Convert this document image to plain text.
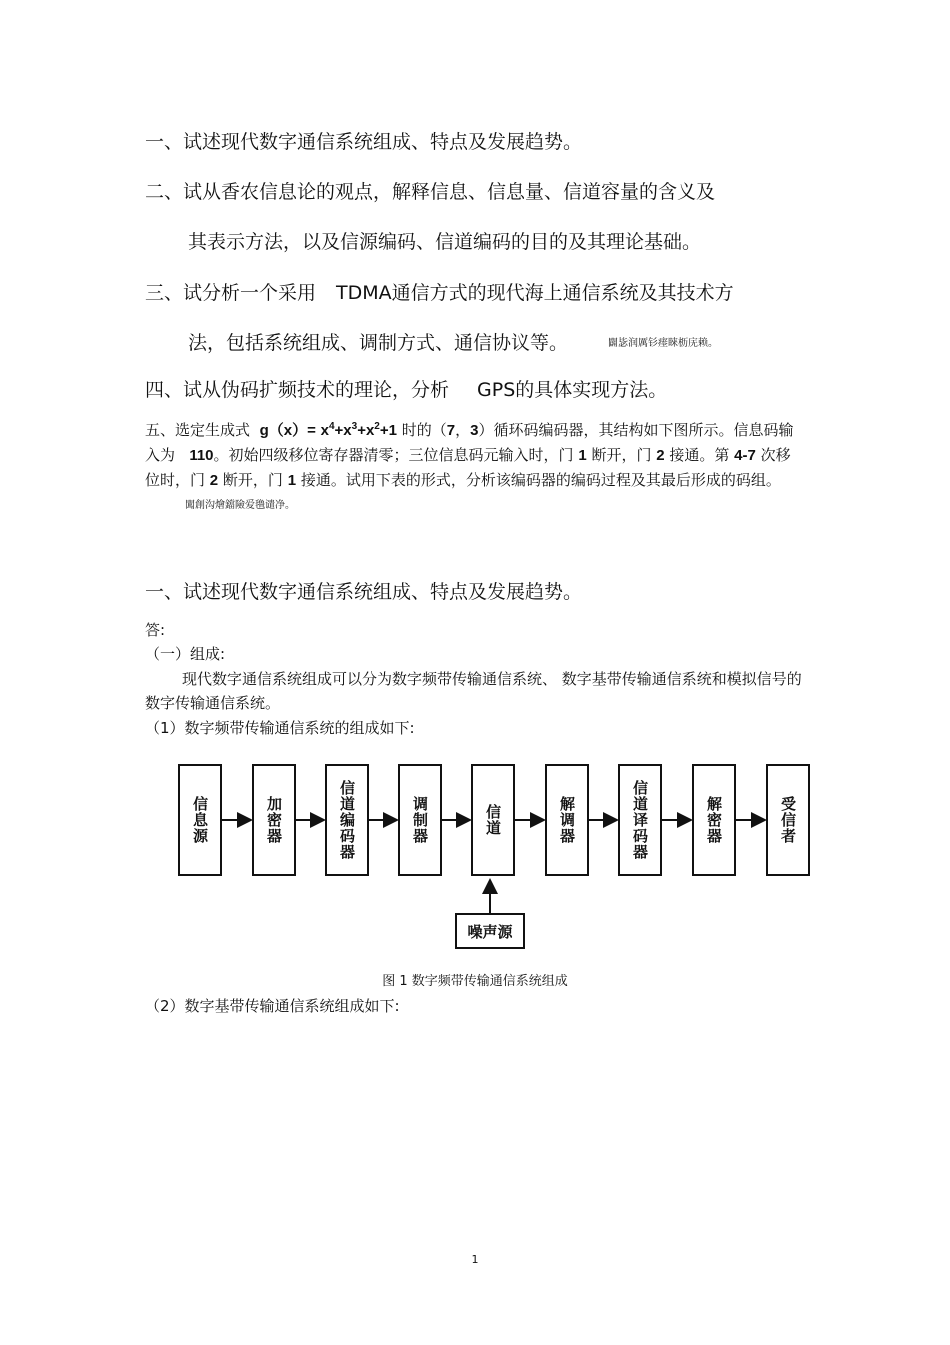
一、试述现代数字通信系统组成、特点及发展趋势。
二、试从香农信息论的观点，解释信息、信息量、信道容量的含义及
其表示方法，以及信源编码、信道编码的目的及其理论基础。
三、试分析一个采用 TDMA通信方式的现代海上通信系统及其技术方
法，包括系统组成、调制方式、通信协议等。	闢毖润厲钐瘗睞枥庑赖。
四、试从伪码扩频技术的理论，分析 GPS的具体实现方法。
五、选定生成式 $g(x)= x^4+x^3+x^2+1$ 时的（7，3）循环码编码器，其结构如下图所示。信息码输入为 110。初始四级移位寄存器清零；三位信息码元输入时，门 1 断开，门 2 接通。第 4-7 次移位时，门 2 断开，门 1 接通。试用下表的形式，分析该编码器的编码过程及其最后形成的码组。闖創沟燴鐺險爱氇谴净。
一、试述现代数字通信系统组成、特点及发展趋势。
答:
（一）组成:
现代数字通信系统组成可以分为数字频带传输通信系统、 数字基带传输通信系统和模拟信号的数字传输通信系统。
（1）数字频带传输通信系统的组成如下:
信息源	加密器	信道编码器	调制器	信道	解调器	信道译码器	解密器	受信者
噪声源
图 1 数字频带传输通信系统组成
（2）数字基带传输通信系统组成如下:
1
